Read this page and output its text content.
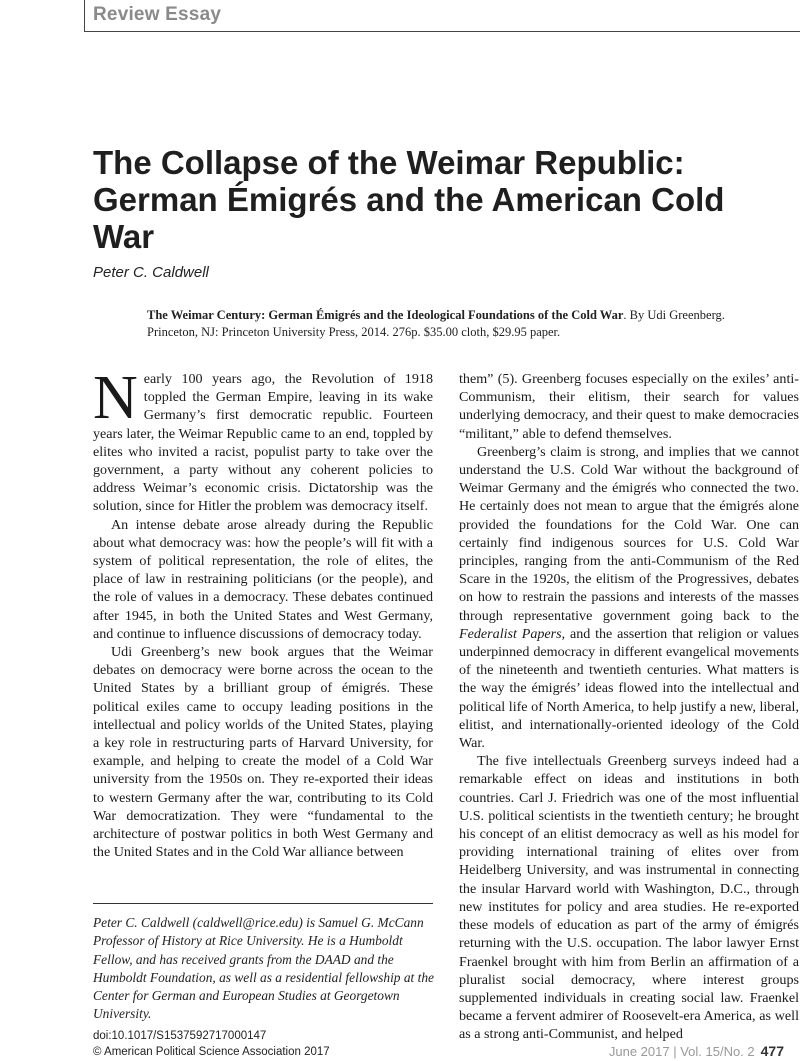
Review Essay
The Collapse of the Weimar Republic: German Émigrés and the American Cold War
Peter C. Caldwell
The Weimar Century: German Émigrés and the Ideological Foundations of the Cold War. By Udi Greenberg.
Princeton, NJ: Princeton University Press, 2014. 276p. $35.00 cloth, $29.95 paper.

Nearly 100 years ago, the Revolution of 1918 toppled the German Empire, leaving in its wake Germany’s first democratic republic. Fourteen years later, the Weimar Republic came to an end, toppled by elites who invited a racist, populist party to take over the government, a party without any coherent policies to address Weimar’s economic crisis. Dictatorship was the solution, since for Hitler the problem was democracy itself.

An intense debate arose already during the Republic about what democracy was: how the people’s will fit with a system of political representation, the role of elites, the place of law in restraining politicians (or the people), and the role of values in a democracy. These debates continued after 1945, in both the United States and West Germany, and continue to influence discussions of democracy today.

Udi Greenberg’s new book argues that the Weimar debates on democracy were borne across the ocean to the United States by a brilliant group of émigrés. These political exiles came to occupy leading positions in the intellectual and policy worlds of the United States, playing a key role in restructuring parts of Harvard University, for example, and helping to create the model of a Cold War university from the 1950s on. They re-exported their ideas to western Germany after the war, contributing to its Cold War democratization. They were “fundamental to the architecture of postwar politics in both West Germany and the United States and in the Cold War alliance between

them” (5). Greenberg focuses especially on the exiles’ anti-Communism, their elitism, their search for values underlying democracy, and their quest to make democracies “militant,” able to defend themselves.

Greenberg’s claim is strong, and implies that we cannot understand the U.S. Cold War without the background of Weimar Germany and the émigrés who connected the two. He certainly does not mean to argue that the émigrés alone provided the foundations for the Cold War. One can certainly find indigenous sources for U.S. Cold War principles, ranging from the anti-Communism of the Red Scare in the 1920s, the elitism of the Progressives, debates on how to restrain the passions and interests of the masses through representative government going back to the Federalist Papers, and the assertion that religion or values underpinned democracy in different evangelical movements of the nineteenth and twentieth centuries. What matters is the way the émigrés’ ideas flowed into the intellectual and political life of North America, to help justify a new, liberal, elitist, and internationally-oriented ideology of the Cold War.

The five intellectuals Greenberg surveys indeed had a remarkable effect on ideas and institutions in both countries. Carl J. Friedrich was one of the most influential U.S. political scientists in the twentieth century; he brought his concept of an elitist democracy as well as his model for providing international training of elites over from Heidelberg University, and was instrumental in connecting the insular Harvard world with Washington, D.C., through new institutes for policy and area studies. He re-exported these models of education as part of the army of émigrés returning with the U.S. occupation. The labor lawyer Ernst Fraenkel brought with him from Berlin an affirmation of a pluralist social democracy, where interest groups supplemented individuals in creating social law. Fraenkel became a fervent admirer of Roosevelt-era America, as well as a strong anti-Communist, and helped

Peter C. Caldwell (caldwell@rice.edu) is Samuel G. McCann Professor of History at Rice University. He is a Humboldt Fellow, and has received grants from the DAAD and the Humboldt Foundation, as well as a residential fellowship at the Center for German and European Studies at Georgetown University.
doi:10.1017/S1537592717000147
© American Political Science Association 2017	June 2017 | Vol. 15/No. 2 477
